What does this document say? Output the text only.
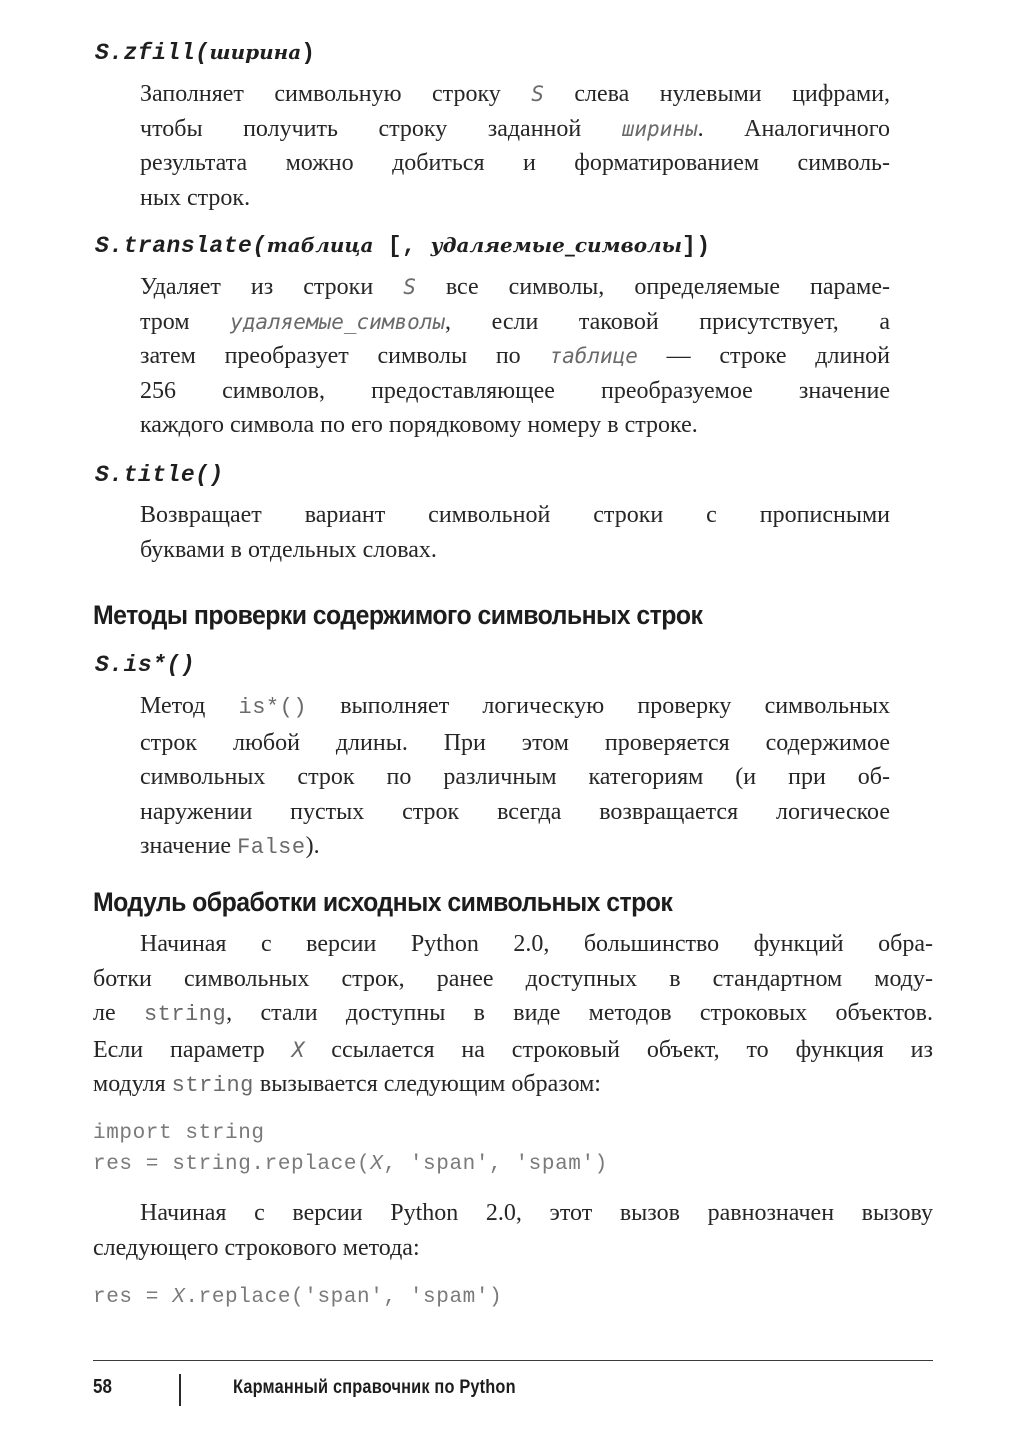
S.zfill(ширина)
Заполняет символьную строку S слева нулевыми цифрами,
чтобы получить строку заданной ширины. Аналогичного
результата можно добиться и форматированием символь-
ных строк.
S.translate(таблица [, удаляемые_символы])
Удаляет из строки S все символы, определяемые параме-
тром удаляемые_символы, если таковой присутствует, а
затем преобразует символы по таблице — строке длиной
256 символов, предоставляющее преобразуемое значение
каждого символа по его порядковому номеру в строке.
S.title()
Возвращает вариант символьной строки с прописными
буквами в отдельных словах.
Методы проверки содержимого символьных строк
S.is*()
Метод is*() выполняет логическую проверку символьных
строк любой длины. При этом проверяется содержимое
символьных строк по различным категориям (и при об-
наружении пустых строк всегда возвращается логическое
значение False).
Модуль обработки исходных символьных строк
Начиная с версии Python 2.0, большинство функций обра-
ботки символьных строк, ранее доступных в стандартном моду-
ле string, стали доступны в виде методов строковых объектов.
Если параметр X ссылается на строковый объект, то функция из
модуля string вызывается следующим образом:
import string
res = string.replace(X, 'span', 'spam')
Начиная с версии Python 2.0, этот вызов равнозначен вызову
следующего строкового метода:
res = X.replace('span', 'spam')
58	Карманный справочник по Python
